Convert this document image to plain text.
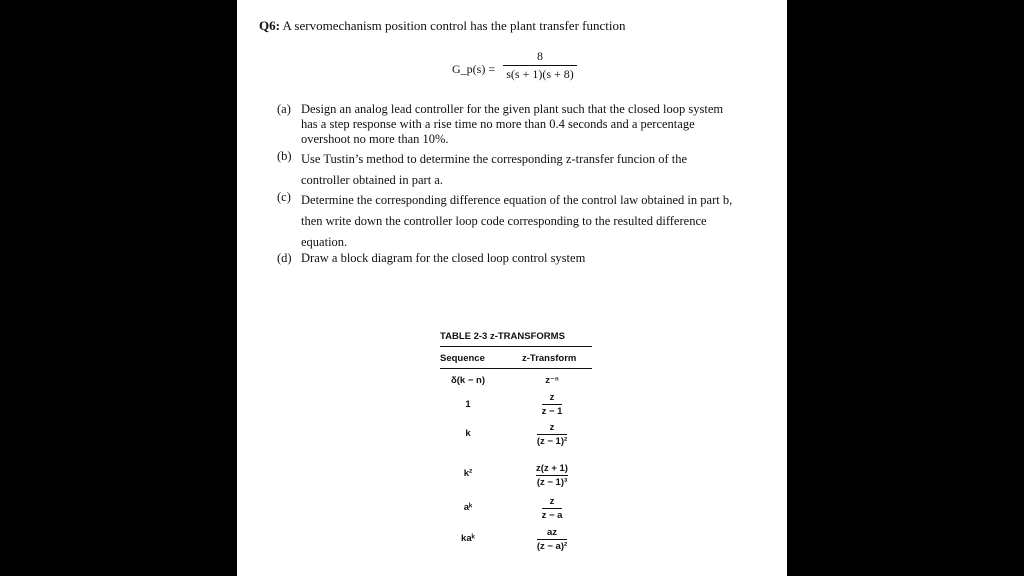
Q6: A servomechanism position control has the plant transfer function
G_p(s) =
8
s(s + 1)(s + 8)
(a) Design an analog lead controller for the given plant such that the closed loop system
has a step response with a rise time no more than 0.4 seconds and a percentage
overshoot no more than 10%.
(b) Use Tustin’s method to determine the corresponding z-transfer funcion of the
controller obtained in part a.
(c) Determine the corresponding difference equation of the control law obtained in part b,
then write down the controller loop code corresponding to the resulted difference
equation.
(d) Draw a block diagram for the closed loop control system
TABLE 2-3 z-TRANSFORMS
Sequence	z-Transform
δ(k − n)	z⁻ⁿ
1	$\frac{z}{z - 1}$
k	$\frac{z}{\text{(z − 1)²}}$
k²	$\frac{z(z + 1)}{\text{(z − 1)³}}$
aᵏ	$\frac{z}{z - a}$
kaᵏ	$\frac{az}{\text{(z − a)²}}$
